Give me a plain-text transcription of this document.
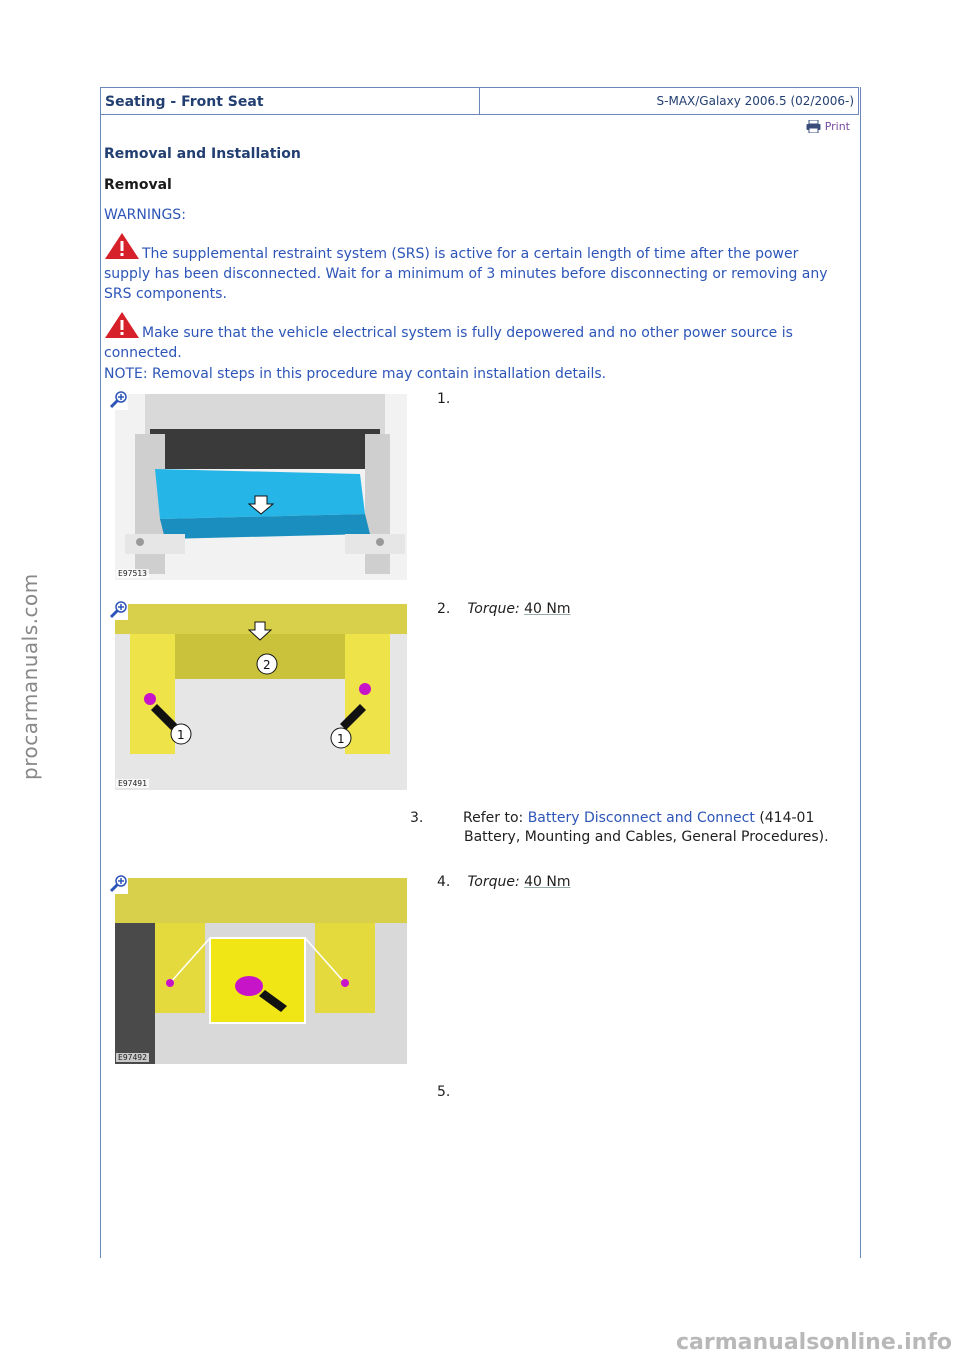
Seating - Front Seat	S-MAX/Galaxy 2006.5 (02/2006-)
Print
Removal and Installation
Removal
WARNINGS:
The supplemental restraint system (SRS) is active for a certain length of time after the power supply has been disconnected. Wait for a minimum of 3 minutes before disconnecting or removing any SRS components.
Make sure that the vehicle electrical system is fully depowered and no other power source is connected.
NOTE: Removal steps in this procedure may contain installation details.
E97513
2
1	1
E97491
E97492
1.
2. Torque: 40 Nm
3.	Refer to: Battery Disconnect and Connect (414-01 Battery, Mounting and Cables, General Procedures).
4. Torque: 40 Nm
5.
procarmanuals.com
carmanualsonline.info
